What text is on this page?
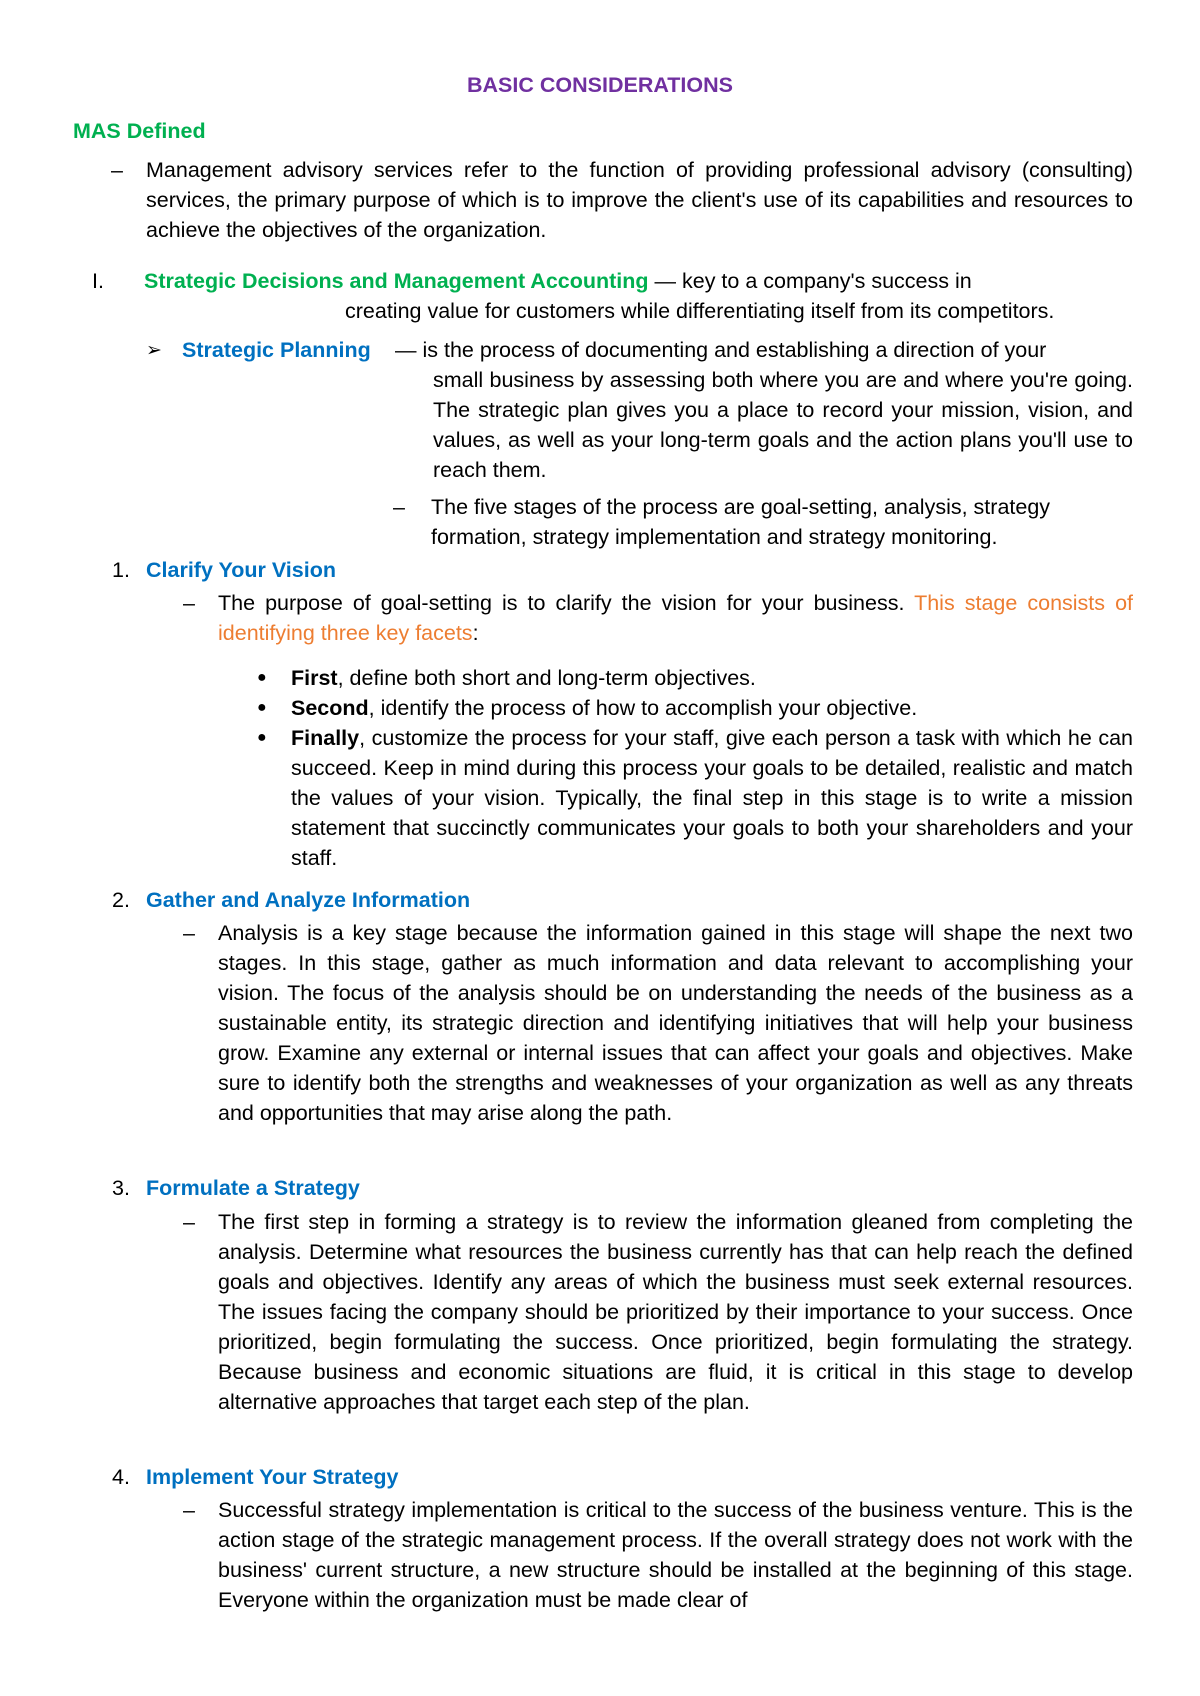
BASIC CONSIDERATIONS
MAS Defined
– Management advisory services refer to the function of providing professional advisory (consulting) services, the primary purpose of which is to improve the client's use of its capabilities and resources to achieve the objectives of the organization.
I. Strategic Decisions and Management Accounting — key to a company's success in
creating value for customers while differentiating itself from its competitors.
➢ Strategic Planning — is the process of documenting and establishing a direction of your
small business by assessing both where you are and where you're going. The strategic plan gives you a place to record your mission, vision, and values, as well as your long-term goals and the action plans you'll use to reach them.
– The five stages of the process are goal-setting, analysis, strategy formation, strategy implementation and strategy monitoring.
1. Clarify Your Vision
– The purpose of goal-setting is to clarify the vision for your business. This stage consists of identifying three key facets:
● First, define both short and long-term objectives.
● Second, identify the process of how to accomplish your objective.
● Finally, customize the process for your staff, give each person a task with which he can succeed. Keep in mind during this process your goals to be detailed, realistic and match the values of your vision. Typically, the final step in this stage is to write a mission statement that succinctly communicates your goals to both your shareholders and your staff.
2. Gather and Analyze Information
– Analysis is a key stage because the information gained in this stage will shape the next two stages. In this stage, gather as much information and data relevant to accomplishing your vision. The focus of the analysis should be on understanding the needs of the business as a sustainable entity, its strategic direction and identifying initiatives that will help your business grow. Examine any external or internal issues that can affect your goals and objectives. Make sure to identify both the strengths and weaknesses of your organization as well as any threats and opportunities that may arise along the path.
3. Formulate a Strategy
– The first step in forming a strategy is to review the information gleaned from completing the analysis. Determine what resources the business currently has that can help reach the defined goals and objectives. Identify any areas of which the business must seek external resources. The issues facing the company should be prioritized by their importance to your success. Once prioritized, begin formulating the success. Once prioritized, begin formulating the strategy. Because business and economic situations are fluid, it is critical in this stage to develop alternative approaches that target each step of the plan.
4. Implement Your Strategy
– Successful strategy implementation is critical to the success of the business venture. This is the action stage of the strategic management process. If the overall strategy does not work with the business' current structure, a new structure should be installed at the beginning of this stage. Everyone within the organization must be made clear of
